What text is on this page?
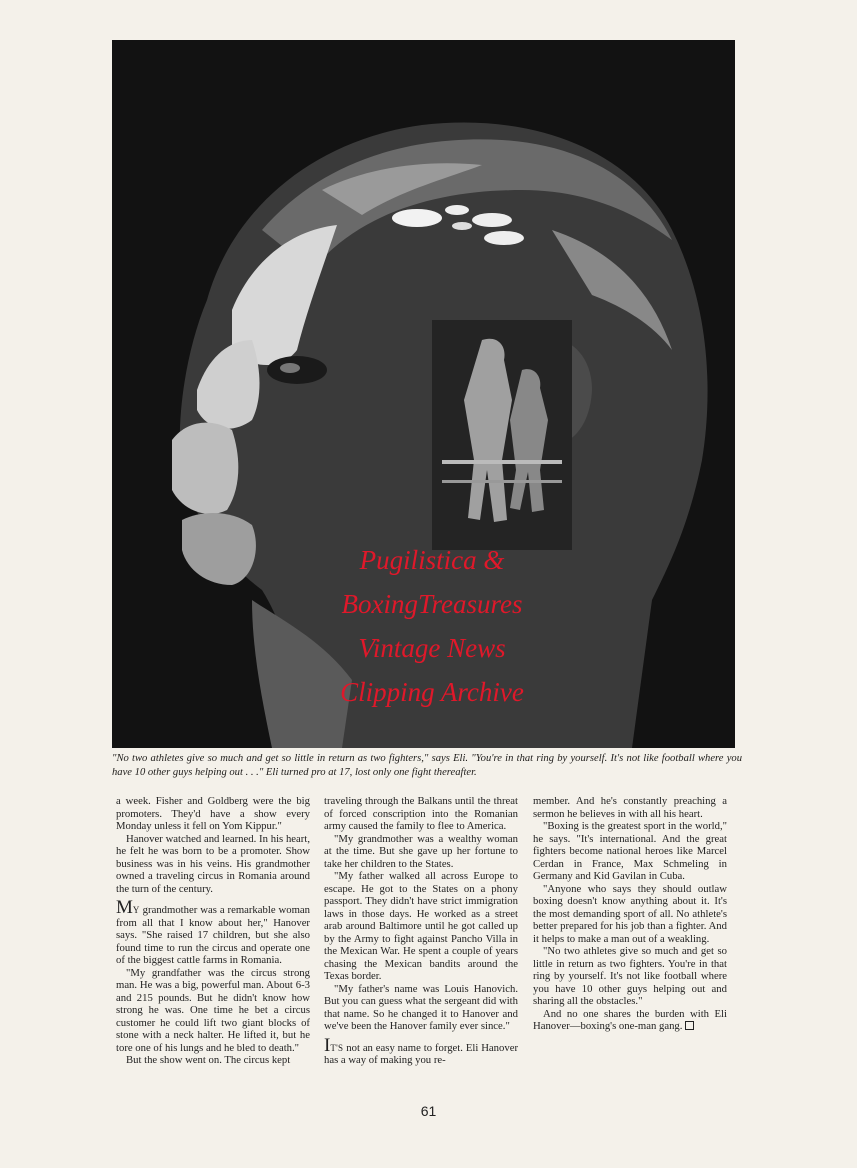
Pugilistica &
BoxingTreasures
Vintage News
Clipping Archive
"No two athletes give so much and get so little in return as two fighters," says Eli. "You're in that ring by yourself. It's not like football where you have 10 other guys helping out . . ." Eli turned pro at 17, lost only one fight thereafter.

a week. Fisher and Goldberg were the big promoters. They'd have a show every Monday unless it fell on Yom Kippur."

Hanover watched and learned. In his heart, he felt he was born to be a promoter. Show business was in his veins. His grandmother owned a traveling circus in Romania around the turn of the century.

MY grandmother was a remarkable woman from all that I know about her," Hanover says. "She raised 17 children, but she also found time to run the circus and operate one of the biggest cattle farms in Romania.

"My grandfather was the circus strong man. He was a big, powerful man. About 6-3 and 215 pounds. But he didn't know how strong he was. One time he bet a circus customer he could lift two giant blocks of stone with a neck halter. He lifted it, but he tore one of his lungs and he bled to death."

But the show went on. The circus kept

traveling through the Balkans until the threat of forced conscription into the Romanian army caused the family to flee to America.

"My grandmother was a wealthy woman at the time. But she gave up her fortune to take her children to the States.

"My father walked all across Europe to escape. He got to the States on a phony passport. They didn't have strict immigration laws in those days. He worked as a street arab around Baltimore until he got called up by the Army to fight against Pancho Villa in the Mexican War. He spent a couple of years chasing the Mexican bandits around the Texas border.

"My father's name was Louis Hanovich. But you can guess what the sergeant did with that name. So he changed it to Hanover and we've been the Hanover family ever since."

IT'S not an easy name to forget. Eli Hanover has a way of making you re-

member. And he's constantly preaching a sermon he believes in with all his heart.

"Boxing is the greatest sport in the world," he says. "It's international. And the great fighters become national heroes like Marcel Cerdan in France, Max Schmeling in Germany and Kid Gavilan in Cuba.

"Anyone who says they should outlaw boxing doesn't know anything about it. It's the most demanding sport of all. No athlete's better prepared for his job than a fighter. And it helps to make a man out of a weakling.

"No two athletes give so much and get so little in return as two fighters. You're in that ring by yourself. It's not like football where you have 10 other guys helping out and sharing all the obstacles."

And no one shares the burden with Eli Hanover—boxing's one-man gang.

61
